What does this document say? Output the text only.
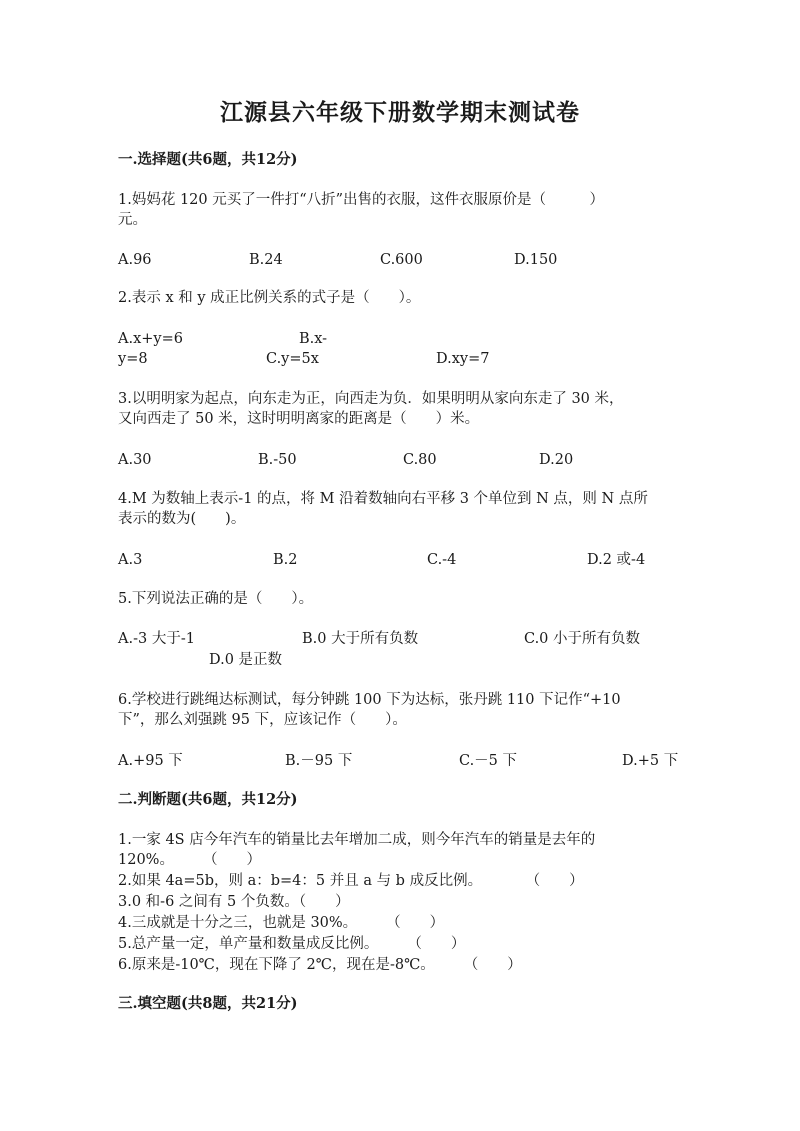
江源县六年级下册数学期末测试卷
一.选择题(共6题，共12分)
1.妈妈花 120 元买了一件打“八折”出售的衣服，这件衣服原价是（　　　）
元。
A.96	B.24	C.600	D.150
2.表示 x 和 y 成正比例关系的式子是（　　）。
A.x+y=6	B.x-
y=8	C.y=5x	D.xy=7
3.以明明家为起点，向东走为正，向西走为负．如果明明从家向东走了 30 米，
又向西走了 50 米，这时明明离家的距离是（　　）米。
A.30	B.-50	C.80	D.20
4.M 为数轴上表示-1 的点，将 M 沿着数轴向右平移 3 个单位到 N 点，则 N 点所
表示的数为(　　)。
A.3	B.2	C.-4	D.2 或-4
5.下列说法正确的是（　　）。
A.-3 大于-1	B.0 大于所有负数	C.0 小于所有负数
D.0 是正数
6.学校进行跳绳达标测试，每分钟跳 100 下为达标，张丹跳 110 下记作“+10
下”，那么刘强跳 95 下，应该记作（　　）。
A.+95 下	B.－95 下	C.－5 下	D.+5 下
二.判断题(共6题，共12分)
1.一家 4S 店今年汽车的销量比去年增加二成，则今年汽车的销量是去年的
120%。　　　（　　）
2.如果 4a=5b，则 a：b=4：5 并且 a 与 b 成反比例。　　　　（　　）
3.0 和-6 之间有 5 个负数。（　　）
4.三成就是十分之三，也就是 30%。　　　（　　）
5.总产量一定，单产量和数量成反比例。　　　（　　）
6.原来是-10℃，现在下降了 2℃，现在是-8℃。　　　（　　）
三.填空题(共8题，共21分)
